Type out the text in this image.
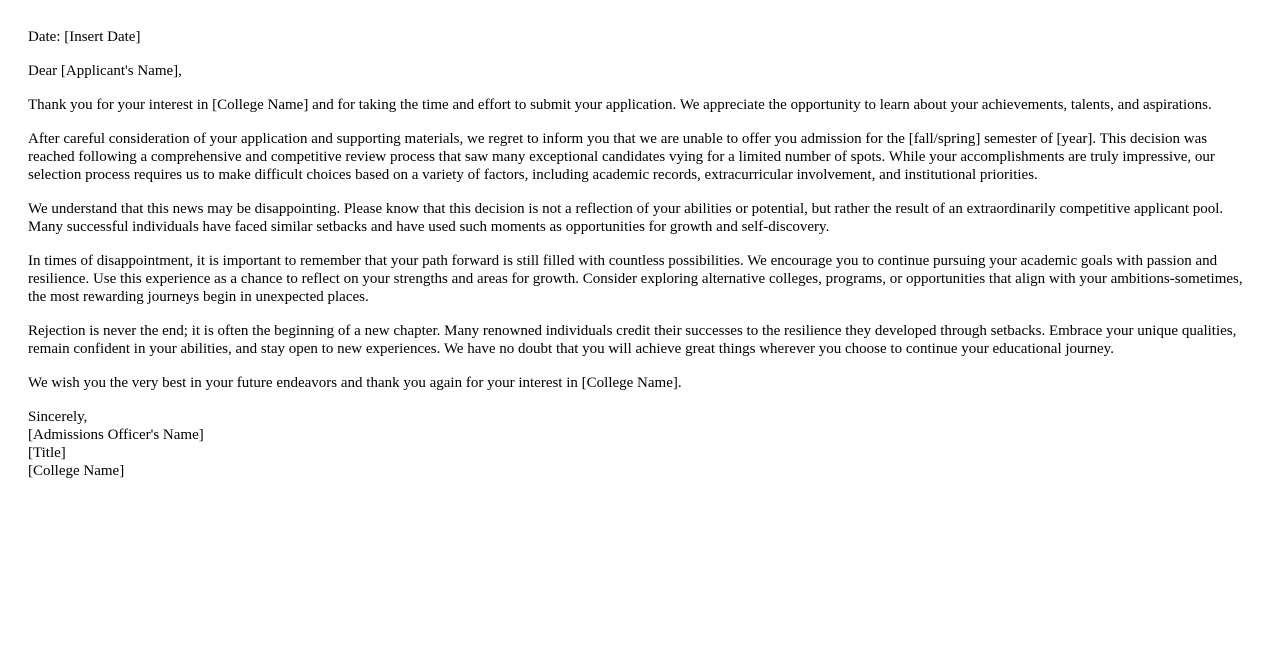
Date: [Insert Date]

Dear [Applicant's Name],

Thank you for your interest in [College Name] and for taking the time and effort to submit your application. We appreciate the opportunity to learn about your achievements, talents, and aspirations.

After careful consideration of your application and supporting materials, we regret to inform you that we are unable to offer you admission for the [fall/spring] semester of [year]. This decision was reached following a comprehensive and competitive review process that saw many exceptional candidates vying for a limited number of spots. While your accomplishments are truly impressive, our selection process requires us to make difficult choices based on a variety of factors, including academic records, extracurricular involvement, and institutional priorities.

We understand that this news may be disappointing. Please know that this decision is not a reflection of your abilities or potential, but rather the result of an extraordinarily competitive applicant pool. Many successful individuals have faced similar setbacks and have used such moments as opportunities for growth and self-discovery.

In times of disappointment, it is important to remember that your path forward is still filled with countless possibilities. We encourage you to continue pursuing your academic goals with passion and resilience. Use this experience as a chance to reflect on your strengths and areas for growth. Consider exploring alternative colleges, programs, or opportunities that align with your ambitions-sometimes, the most rewarding journeys begin in unexpected places.

Rejection is never the end; it is often the beginning of a new chapter. Many renowned individuals credit their successes to the resilience they developed through setbacks. Embrace your unique qualities, remain confident in your abilities, and stay open to new experiences. We have no doubt that you will achieve great things wherever you choose to continue your educational journey.

We wish you the very best in your future endeavors and thank you again for your interest in [College Name].

Sincerely,
[Admissions Officer's Name]
[Title]
[College Name]
